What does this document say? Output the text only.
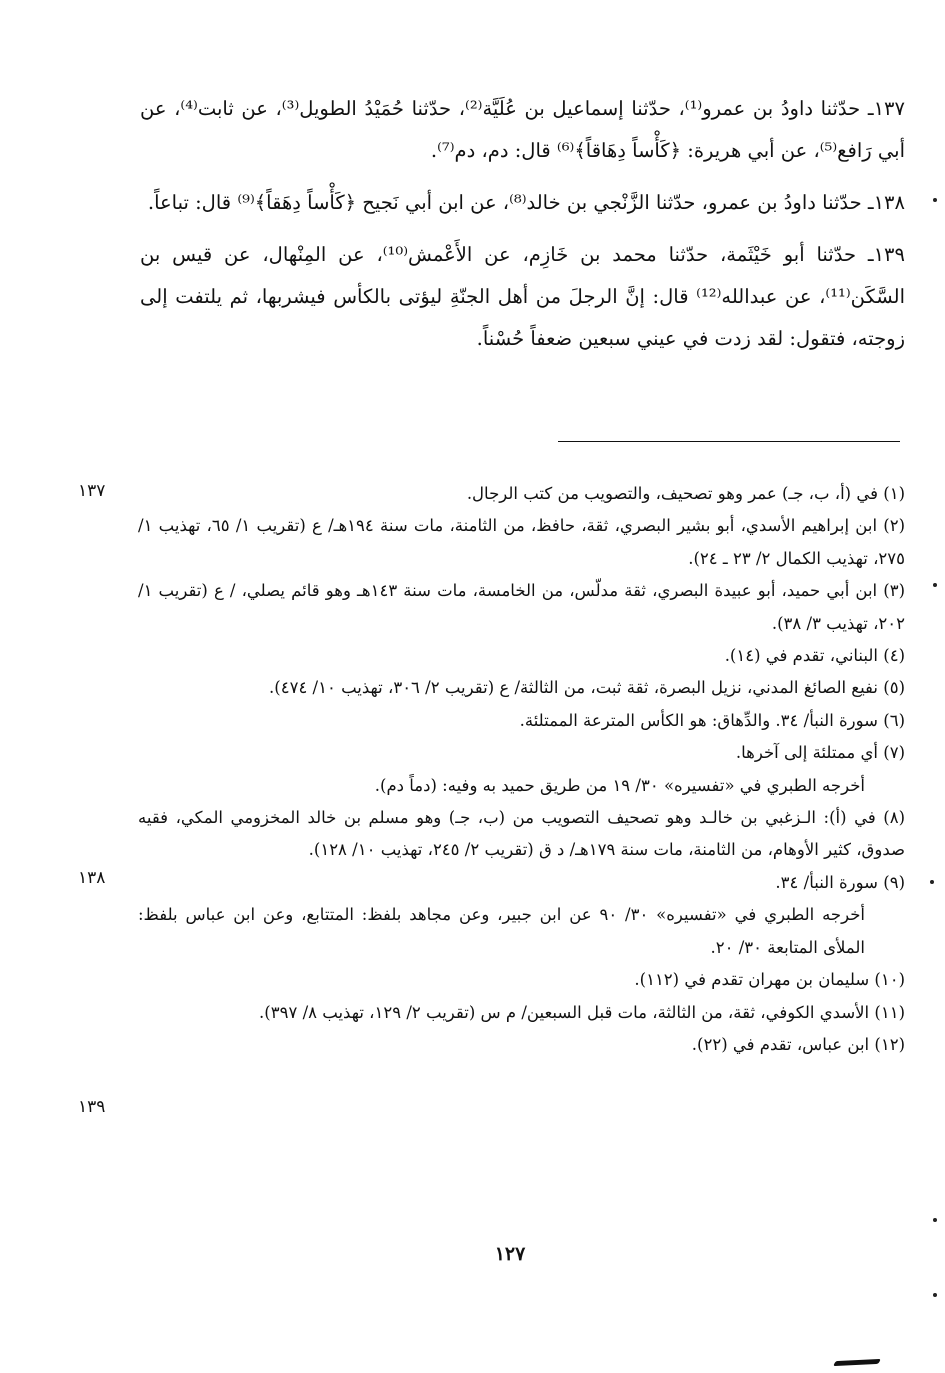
١٣٧ـ حدّثنا داودُ بن عمرو⁽¹⁾، حدّثنا إسماعيل بن عُلَيَّة⁽²⁾، حدّثنا حُمَيْدُ الطويل⁽³⁾، عن ثابت⁽⁴⁾، عن أبي رَافع⁽⁵⁾، عن أبي هريرة: ﴿كَأْساً دِهَاقاً﴾⁽⁶⁾ قال: دم، دم⁽⁷⁾.

١٣٨ـ حدّثنا داودُ بن عمرو، حدّثنا الزَّنْجي بن خالد⁽⁸⁾، عن ابن أبي نَجيح ﴿كَأْساً دِهَقاً﴾⁽⁹⁾ قال: تباعاً.

١٣٩ـ حدّثنا أبو خَيْثَمة، حدّثنا محمد بن خَازِم، عن الأَعْمش⁽¹⁰⁾، عن المِنْهال، عن قيس بن السَّكَن⁽¹¹⁾، عن عبدالله⁽¹²⁾ قال: إنَّ الرجلَ من أهل الجنّةِ ليؤتى بالكأس فيشربها، ثم يلتفت إلى زوجته، فتقول: لقد زدت في عيني سبعين ضعفاً حُسْناً.

(١) في (أ، ب، جـ) عمر وهو تصحيف، والتصويب من كتب الرجال.

(٢) ابن إبراهيم الأسدي، أبو بشير البصري، ثقة، حافظ، من الثامنة، مات سنة ١٩٤هـ/ ع (تقريب ١/ ٦٥، تهذيب ١/ ٢٧٥، تهذيب الكمال ٢/ ٢٣ ـ ٢٤).

(٣) ابن أبي حميد، أبو عبيدة البصري، ثقة مدلّس، من الخامسة، مات سنة ١٤٣هـ وهو قائم يصلي، / ع (تقريب ١/ ٢٠٢، تهذيب ٣/ ٣٨).

(٤) البناني، تقدم في (١٤).

(٥) نفيع الصائغ المدني، نزيل البصرة، ثقة ثبت، من الثالثة/ ع (تقريب ٢/ ٣٠٦، تهذيب ١٠/ ٤٧٤).

(٦) سورة النبأ/ ٣٤. والدِّهاق: هو الكأس المترعة الممتلئة.

(٧) أي ممتلئة إلى آخرها.

أخرجه الطبري في «تفسيره» ٣٠/ ١٩ من طريق حميد به وفيه: (دماً دم).

(٨) في (أ): الـزغبي بن خالـد وهو تصحيف التصويب من (ب، جـ) وهو مسلم بن خالد المخزومي المكي، فقيه صدوق، كثير الأوهام، من الثامنة، مات سنة ١٧٩هـ/ د ق (تقريب ٢/ ٢٤٥، تهذيب ١٠/ ١٢٨).

(٩) سورة النبأ/ ٣٤.

أخرجه الطبري في «تفسيره» ٣٠/ ٩٠ عن ابن جبير، وعن مجاهد بلفظ: المتتابع، وعن ابن عباس بلفظ: الملأى المتابعة ٣٠/ ٢٠.

(١٠) سليمان بن مهران تقدم في (١١٢).

(١١) الأسدي الكوفي، ثقة، من الثالثة، مات قبل السبعين/ م س (تقريب ٢/ ١٢٩، تهذيب ٨/ ٣٩٧).

(١٢) ابن عباس، تقدم في (٢٢).

١٣٧
١٣٨
١٣٩
١٢٧
